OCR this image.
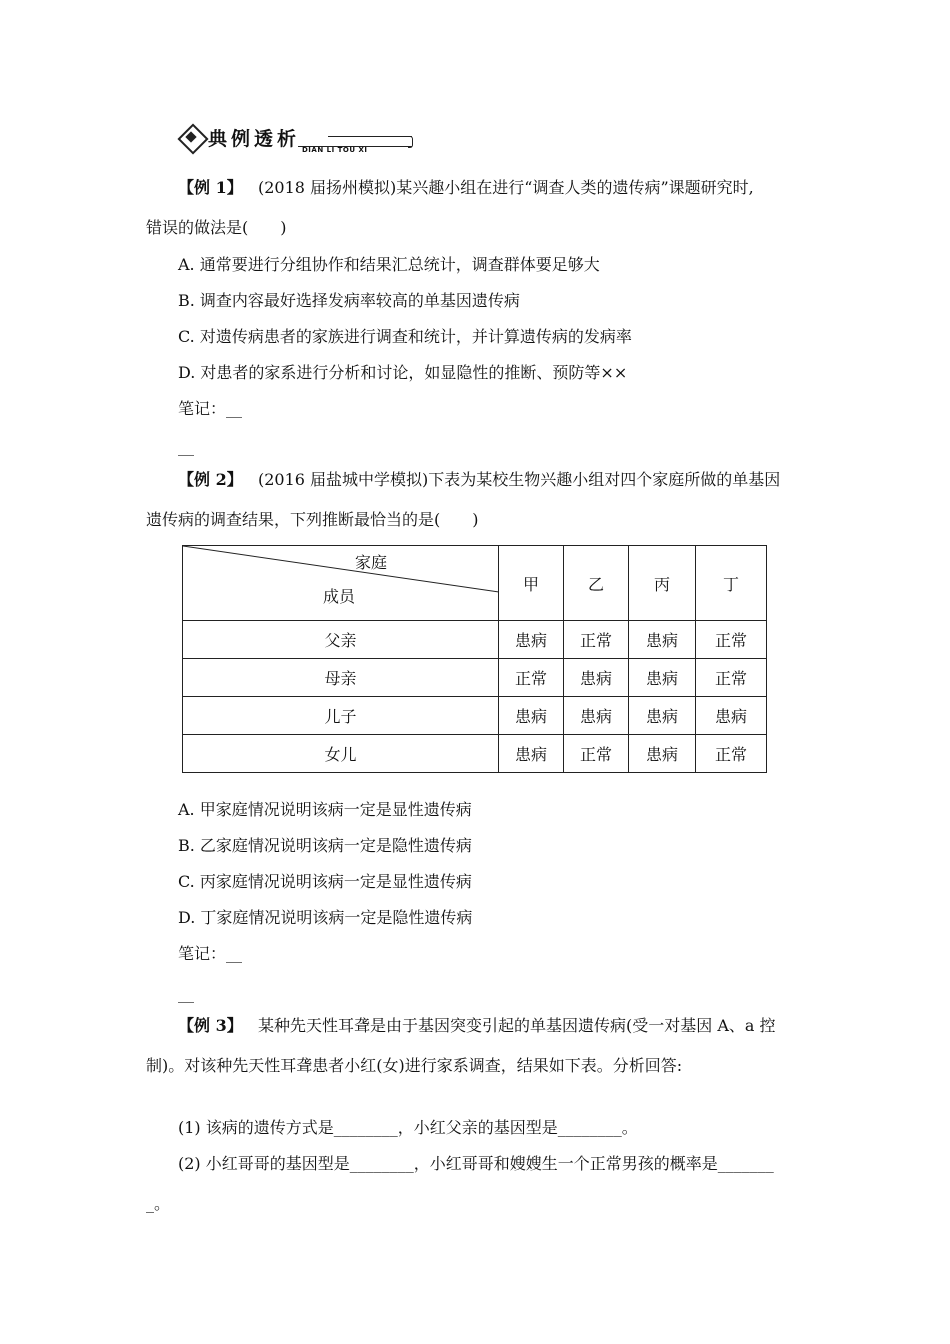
典例透析 DIAN LI TOU XI
【例 1】 (2018 届扬州模拟)某兴趣小组在进行“调查人类的遗传病”课题研究时,
错误的做法是(　　)
A. 通常要进行分组协作和结果汇总统计，调查群体要足够大
B. 调查内容最好选择发病率较高的单基因遗传病
C. 对遗传病患者的家族进行调查和统计，并计算遗传病的发病率
D. 对患者的家系进行分析和讨论，如显隐性的推断、预防等××
笔记：__
__
【例 2】 (2016 届盐城中学模拟)下表为某校生物兴趣小组对四个家庭所做的单基因
遗传病的调查结果，下列推断最恰当的是(　　)
家庭
成员	甲	乙	丙	丁

父亲	患病	正常	患病	正常
母亲	正常	患病	患病	正常
儿子	患病	患病	患病	患病
女儿	患病	正常	患病	正常
A. 甲家庭情况说明该病一定是显性遗传病
B. 乙家庭情况说明该病一定是隐性遗传病
C. 丙家庭情况说明该病一定是显性遗传病
D. 丁家庭情况说明该病一定是隐性遗传病
笔记：__
__
【例 3】 某种先天性耳聋是由于基因突变引起的单基因遗传病(受一对基因 A、a 控
制)。对该种先天性耳聋患者小红(女)进行家系调查，结果如下表。分析回答:
(1) 该病的遗传方式是________，小红父亲的基因型是________。
(2) 小红哥哥的基因型是________，小红哥哥和嫂嫂生一个正常男孩的概率是_______
_。
